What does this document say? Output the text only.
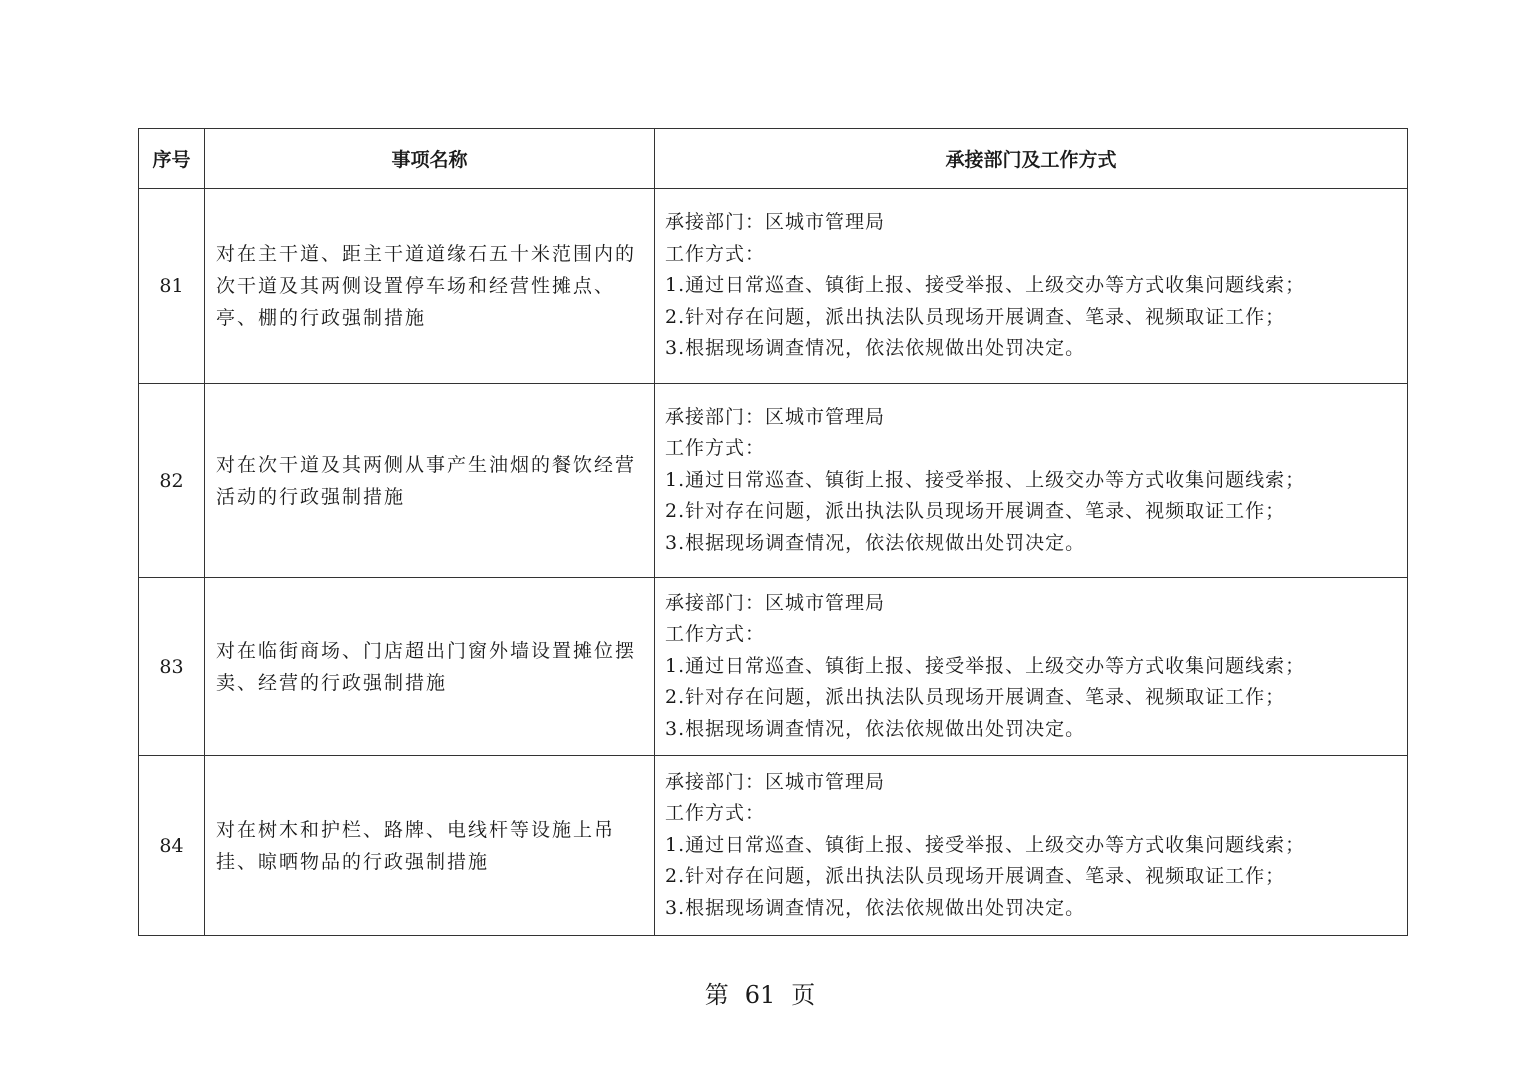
序号	事项名称	承接部门及工作方式
81	对在主干道、距主干道道缘石五十米范围内的次干道及其两侧设置停车场和经营性摊点、亭、棚的行政强制措施	承接部门：区城市管理局
工作方式：
1.通过日常巡查、镇街上报、接受举报、上级交办等方式收集问题线索；
2.针对存在问题，派出执法队员现场开展调查、笔录、视频取证工作；
3.根据现场调查情况，依法依规做出处罚决定。

82	对在次干道及其两侧从事产生油烟的餐饮经营活动的行政强制措施	承接部门：区城市管理局
工作方式：
1.通过日常巡查、镇街上报、接受举报、上级交办等方式收集问题线索；
2.针对存在问题，派出执法队员现场开展调查、笔录、视频取证工作；
3.根据现场调查情况，依法依规做出处罚决定。

83	对在临街商场、门店超出门窗外墙设置摊位摆卖、经营的行政强制措施	承接部门：区城市管理局
工作方式：
1.通过日常巡查、镇街上报、接受举报、上级交办等方式收集问题线索；
2.针对存在问题，派出执法队员现场开展调查、笔录、视频取证工作；
3.根据现场调查情况，依法依规做出处罚决定。

84	对在树木和护栏、路牌、电线杆等设施上吊挂、晾晒物品的行政强制措施	承接部门：区城市管理局
工作方式：
1.通过日常巡查、镇街上报、接受举报、上级交办等方式收集问题线索；
2.针对存在问题，派出执法队员现场开展调查、笔录、视频取证工作；
3.根据现场调查情况，依法依规做出处罚决定。
第 61 页
